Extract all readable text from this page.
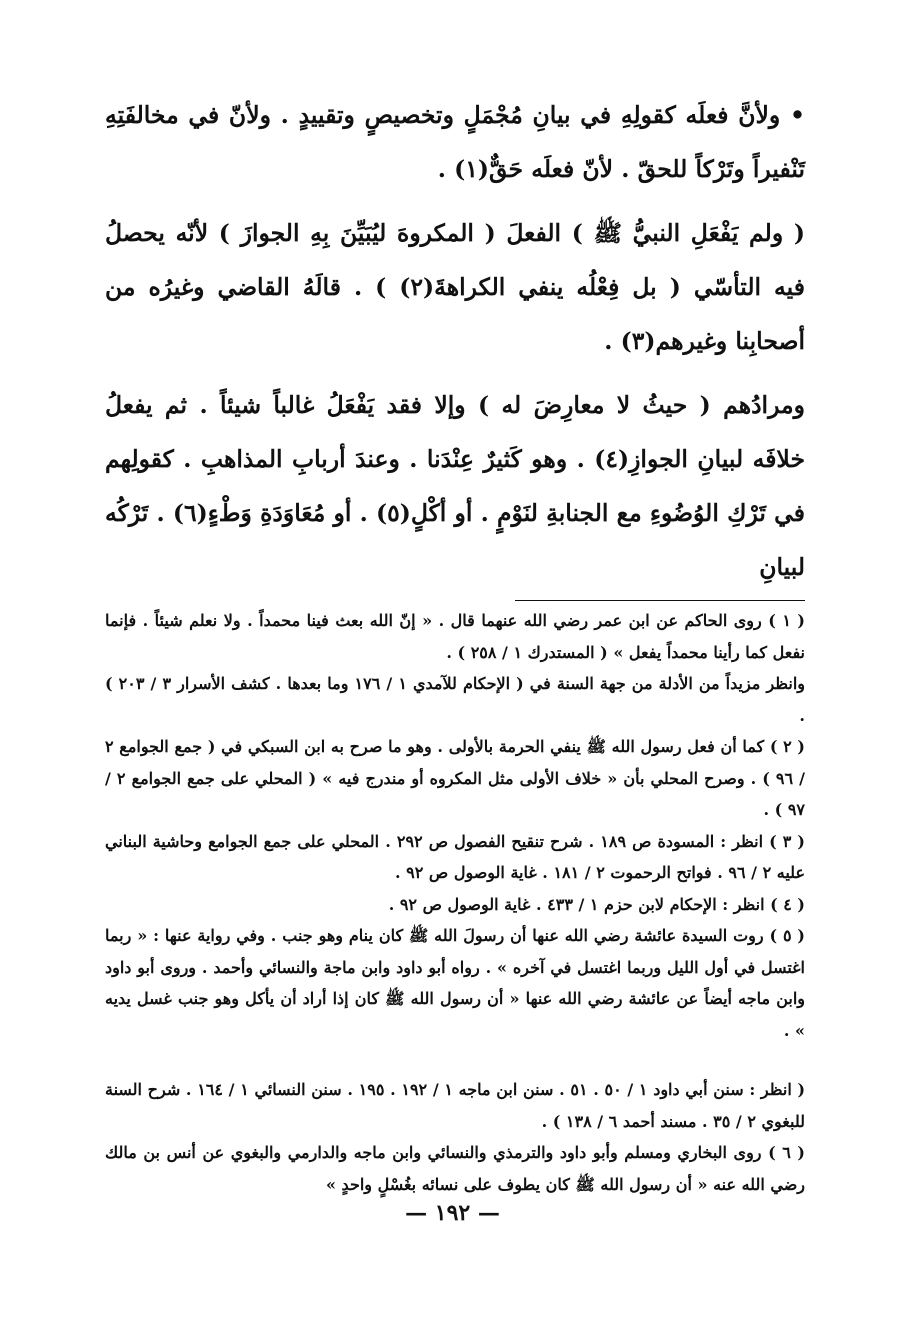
• ولأنَّ فعلَه كقولِهِ في بيانِ مُجْمَلٍ وتخصيصٍ وتقييدٍ . ولأنّ في مخالفَتِهِ تَنْفيراً وتَرْكاً للحقّ . لأنّ فعلَه حَقٌّ(١) .

( ولم يَفْعَلِ النبيُّ ﷺ ) الفعلَ ( المكروهَ ليُبَيِّنَ بِهِ الجوازَ ) لأنّه يحصلُ فيه التأسّي ( بل فِعْلُه ينفي الكراهةَ(٢) ) . قالَهُ القاضي وغيرُه من أصحابِنا وغيرهم(٣) .

ومرادُهم ( حيثُ لا معارِضَ له ) وإلا فقد يَفْعَلُ غالباً شيئاً . ثم يفعلُ خلافَه لبيانِ الجوازِ(٤) . وهو كَثيرٌ عِنْدَنا . وعندَ أربابِ المذاهبِ . كقولِهم في تَرْكِ الوُضُوءِ مع الجنابةِ لنَوْمٍ . أو أكْلٍ(٥) . أو مُعَاوَدَةِ وَطْءٍ(٦) . تَرْكُه لبيانِ

( ١ ) روى الحاكم عن ابن عمر رضي الله عنهما قال . « إنّ الله بعث فينا محمداً . ولا نعلم شيئاً . فإنما نفعل كما رأينا محمداً يفعل » ( المستدرك ١ / ٢٥٨ ) .

وانظر مزيداً من الأدلة من جهة السنة في ( الإحكام للآمدي ١ / ١٧٦ وما بعدها . كشف الأسرار ٣ / ٢٠٣ ) .

( ٢ ) كما أن فعل رسول الله ﷺ ينفي الحرمة بالأولى . وهو ما صرح به ابن السبكي في ( جمع الجوامع ٢ / ٩٦ ) . وصرح المحلي بأن « خلاف الأولى مثل المكروه أو مندرج فيه » ( المحلي على جمع الجوامع ٢ / ٩٧ ) .

( ٣ ) انظر : المسودة ص ١٨٩ . شرح تنقيح الفصول ص ٢٩٢ . المحلي على جمع الجوامع وحاشية البناني عليه ٢ / ٩٦ . فواتح الرحموت ٢ / ١٨١ . غاية الوصول ص ٩٢ .

( ٤ ) انظر : الإحكام لابن حزم ١ / ٤٣٣ . غاية الوصول ص ٩٢ .

( ٥ ) روت السيدة عائشة رضي الله عنها أن رسولَ الله ﷺ كان ينام وهو جنب . وفي رواية عنها : « ربما اغتسل في أول الليل وربما اغتسل في آخره » . رواه أبو داود وابن ماجة والنسائي وأحمد . وروى أبو داود وابن ماجه أيضاً عن عائشة رضي الله عنها « أن رسول الله ﷺ كان إذا أراد أن يأكل وهو جنب غسل يديه » .

( انظر : سنن أبي داود ١ / ٥٠ . ٥١ . سنن ابن ماجه ١ / ١٩٢ . ١٩٥ . سنن النسائي ١ / ١٦٤ . شرح السنة للبغوي ٢ / ٣٥ . مسند أحمد ٦ / ١٣٨ ) .

( ٦ ) روى البخاري ومسلم وأبو داود والترمذي والنسائي وابن ماجه والدارمي والبغوي عن أنس بن مالك رضي الله عنه « أن رسول الله ﷺ كان يطوف على نسائه بغُسْلٍ واحدٍ »

— ١٩٢ —
